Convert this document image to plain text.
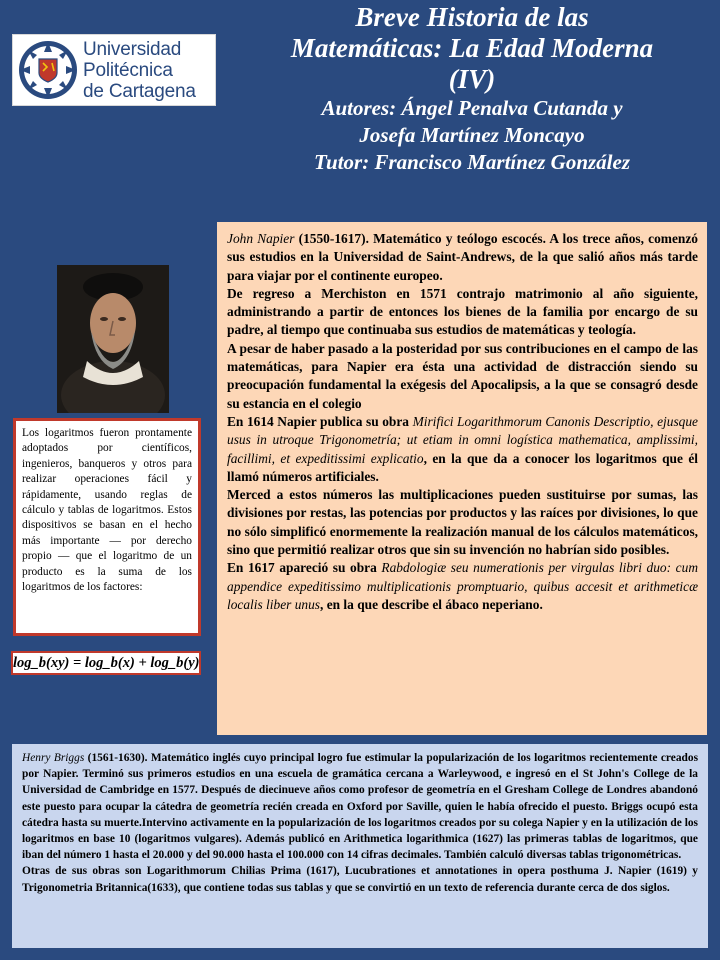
Universidad
Politécnica
de Cartagena

Breve Historia de las

Matemáticas: La Edad Moderna

(IV)

Autores: Ángel Penalva Cutanda y

Josefa Martínez Moncayo

Tutor: Francisco Martínez González

Los logaritmos fueron prontamente adoptados por científicos, ingenieros, banqueros y otros para realizar operaciones fácil y rápidamente, usando reglas de cálculo y tablas de logaritmos. Estos dispositivos se basan en el hecho más importante — por derecho propio — que el logaritmo de un producto es la suma de los logaritmos de los factores:
log_b(xy) = log_b(x) + log_b(y)

John Napier (1550-1617). Matemático y teólogo escocés. A los trece años, comenzó sus estudios en la Universidad de Saint-Andrews, de la que salió años más tarde para viajar por el continente europeo.

De regreso a Merchiston en 1571 contrajo matrimonio al año siguiente, administrando a partir de entonces los bienes de la familia por encargo de su padre, al tiempo que continuaba sus estudios de matemáticas y teología.

A pesar de haber pasado a la posteridad por sus contribuciones en el campo de las matemáticas, para Napier era ésta una actividad de distracción siendo su preocupación fundamental la exégesis del Apocalipsis, a la que se consagró desde su estancia en el colegio

En 1614 Napier publica su obra Mirifici Logarithmorum Canonis Descriptio, ejusque usus in utroque Trigonometría; ut etiam in omni logística mathematica, amplissimi, facillimi, et expeditissimi explicatio, en la que da a conocer los logaritmos que él llamó números artificiales.

Merced a estos números las multiplicaciones pueden sustituirse por sumas, las divisiones por restas, las potencias por productos y las raíces por divisiones, lo que no sólo simplificó enormemente la realización manual de los cálculos matemáticos, sino que permitió realizar otros que sin su invención no habrían sido posibles.

En 1617 apareció su obra Rabdologiæ seu numerationis per virgulas libri duo: cum appendice expeditissimo multiplicationis promptuario, quibus accesit et arithmeticæ localis liber unus, en la que describe el ábaco neperiano.

Henry Briggs (1561-1630). Matemático inglés cuyo principal logro fue estimular la popularización de los logaritmos recientemente creados por Napier. Terminó sus primeros estudios en una escuela de gramática cercana a Warleywood, e ingresó en el St John's College de la Universidad de Cambridge en 1577. Después de diecinueve años como profesor de geometría en el Gresham College de Londres abandonó este puesto para ocupar la cátedra de geometría recién creada en Oxford por Saville, quien le había ofrecido el puesto. Briggs ocupó esta cátedra hasta su muerte.Intervino activamente en la popularización de los logaritmos creados por su colega Napier y en la utilización de los logaritmos en base 10 (logaritmos vulgares). Además publicó en Arithmetica logarithmica (1627) las primeras tablas de logaritmos, que iban del número 1 hasta el 20.000 y del 90.000 hasta el 100.000 con 14 cifras decimales. También calculó diversas tablas trigonométricas.

Otras de sus obras son Logarithmorum Chilias Prima (1617), Lucubrationes et annotationes in opera posthuma J. Napier (1619) y Trigonometria Britannica(1633), que contiene todas sus tablas y que se convirtió en un texto de referencia durante cerca de dos siglos.
